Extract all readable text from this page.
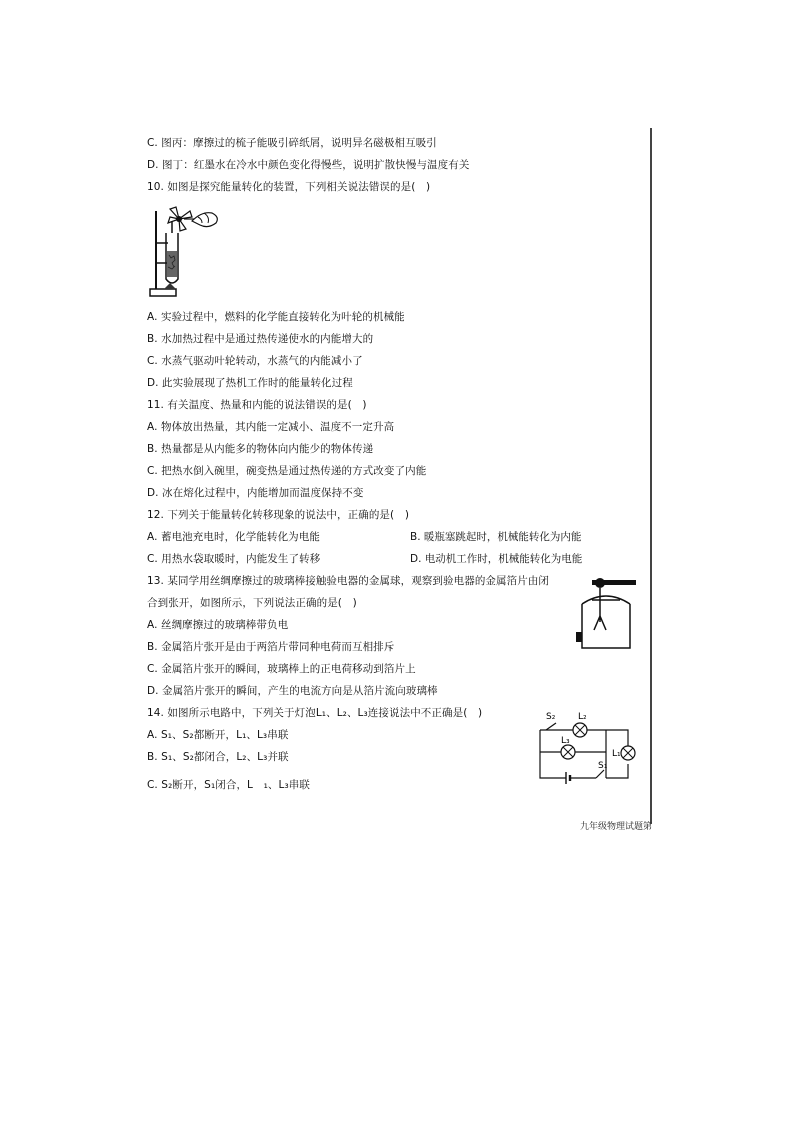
C. 图丙：摩擦过的梳子能吸引碎纸屑，说明异名磁极相互吸引
D. 图丁：红墨水在冷水中颜色变化得慢些，说明扩散快慢与温度有关
10. 如图是探究能量转化的装置，下列相关说法错误的是(　)
A. 实验过程中，燃料的化学能直接转化为叶轮的机械能
B. 水加热过程中是通过热传递使水的内能增大的
C. 水蒸气驱动叶轮转动，水蒸气的内能减小了
D. 此实验展现了热机工作时的能量转化过程
11. 有关温度、热量和内能的说法错误的是(　)
A. 物体放出热量，其内能一定减小、温度不一定升高
B. 热量都是从内能多的物体向内能少的物体传递
C. 把热水倒入碗里，碗变热是通过热传递的方式改变了内能
D. 冰在熔化过程中，内能增加而温度保持不变
12. 下列关于能量转化转移现象的说法中，正确的是(　)
A. 蓄电池充电时，化学能转化为电能	B. 暖瓶塞跳起时，机械能转化为内能
C. 用热水袋取暖时，内能发生了转移	D. 电动机工作时，机械能转化为电能
13. 某同学用丝绸摩擦过的玻璃棒接触验电器的金属球，观察到验电器的金属箔片由闭
合到张开，如图所示，下列说法正确的是(　)
A. 丝绸摩擦过的玻璃棒带负电
B. 金属箔片张开是由于两箔片带同种电荷而互相排斥
C. 金属箔片张开的瞬间，玻璃棒上的正电荷移动到箔片上
D. 金属箔片张开的瞬间，产生的电流方向是从箔片流向玻璃棒
14. 如图所示电路中，下列关于灯泡L₁、L₂、L₃连接说法中不正确是(　)
A. S₁、S₂都断开，L₁、L₃串联
B. S₁、S₂都闭合，L₂、L₃并联
C. S₂断开，S₁闭合，L　₁、L₃串联
S₂	L₂
L₃
L₁
S₁
九年级物理试题第
